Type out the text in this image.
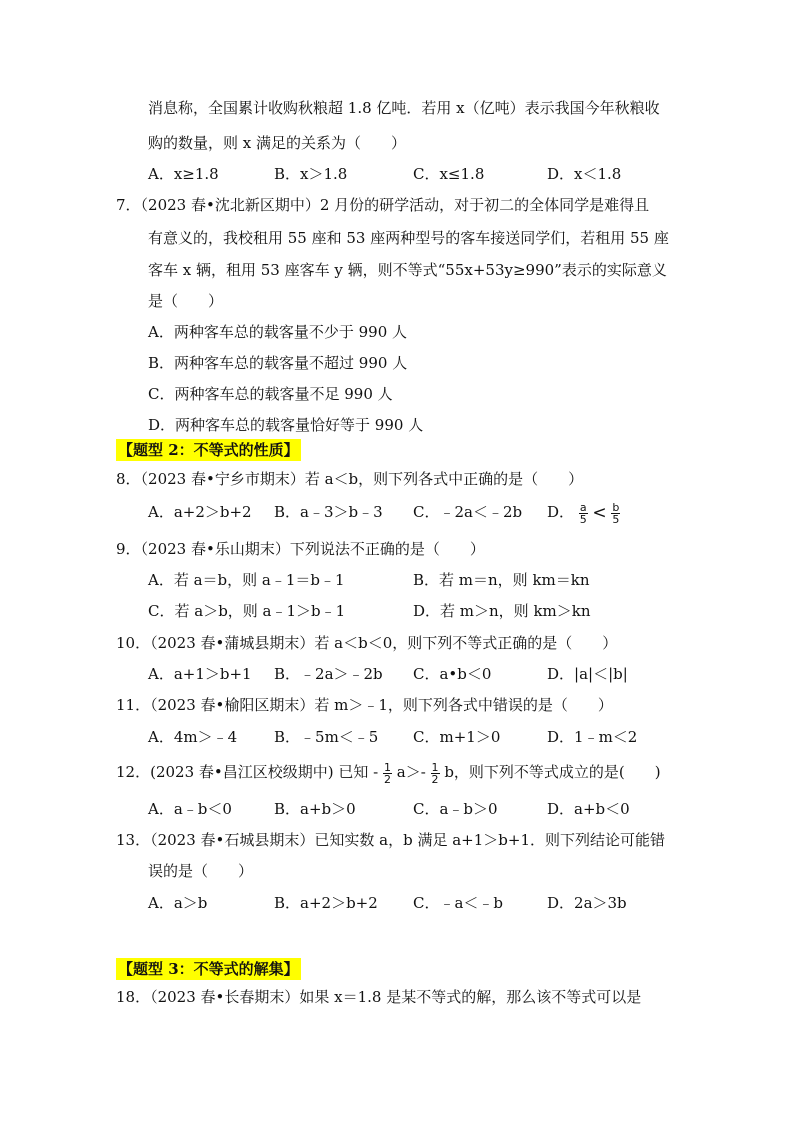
消息称，全国累计收购秋粮超 1.8 亿吨．若用 x（亿吨）表示我国今年秋粮收
购的数量，则 x 满足的关系为（　　）
A．x≥1.8	B．x＞1.8	C．x≤1.8	D．x＜1.8
7．（2023 春•沈北新区期中）2 月份的研学活动，对于初二的全体同学是难得且
有意义的，我校租用 55 座和 53 座两种型号的客车接送同学们，若租用 55 座
客车 x 辆，租用 53 座客车 y 辆，则不等式“55x+53y≥990”表示的实际意义
是（　　）
A．两种客车总的载客量不少于 990 人
B．两种客车总的载客量不超过 990 人
C．两种客车总的载客量不足 990 人
D．两种客车总的载客量恰好等于 990 人
【题型 2：不等式的性质】
8．（2023 春•宁乡市期末）若 a＜b，则下列各式中正确的是（　　）
A．a+2＞b+2 B．a﹣3＞b﹣3 C．﹣2a＜﹣2b D． $\frac{a}{5} < \frac{b}{5}$
9．（2023 春•乐山期末）下列说法不正确的是（　　）
A．若 a＝b，则 a﹣1＝b﹣1	B．若 m＝n，则 km＝kn
C．若 a＞b，则 a﹣1＞b﹣1	D．若 m＞n，则 km＞kn
10．（2023 春•蒲城县期末）若 a＜b＜0，则下列不等式正确的是（　　）
A．a+1＞b+1 B．﹣2a＞﹣2b C．a•b＜0	D．|a|＜|b|
11．（2023 春•榆阳区期末）若 m＞﹣1，则下列各式中错误的是（　　）
A．4m＞﹣4 B．﹣5m＜﹣5 C．m+1＞0	D．1﹣m＜2
12．(2023 春•昌江区校级期中) 已知 - $\frac{1}{2} a>- \frac{1}{2}$ b，则下列不等式成立的是(　　)
A．a﹣b＜0	B．a+b＞0	C．a﹣b＞0	D．a+b＜0
13．（2023 春•石城县期末）已知实数 a，b 满足 a+1＞b+1．则下列结论可能错
误的是（　　）
A．a＞b	B．a+2＞b+2 C．﹣a＜﹣b	D．2a＞3b
【题型 3：不等式的解集】
18．（2023 春•长春期末）如果 x＝1.8 是某不等式的解，那么该不等式可以是
